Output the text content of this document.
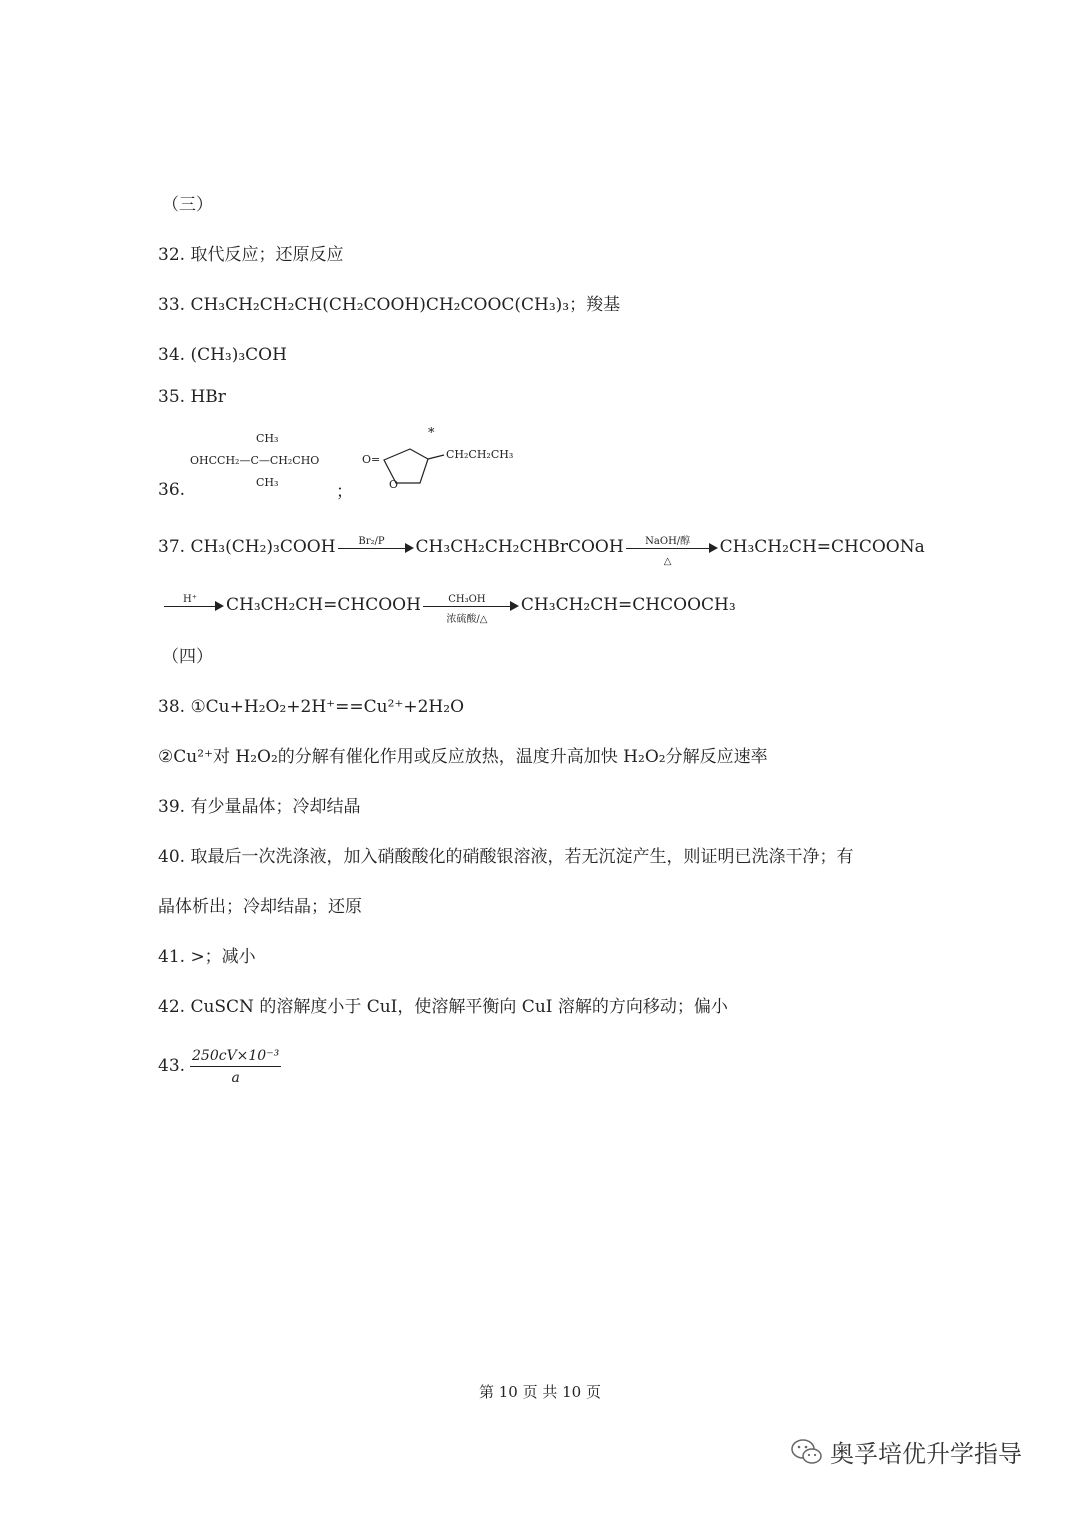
（三）
32. 取代反应；还原反应
33. CH₃CH₂CH₂CH(CH₂COOH)CH₂COOC(CH₃)₃；羧基
34. (CH₃)₃COH
35. HBr
36.
CH₃
OHCCH₂—C—CH₂CHO
CH₃	；
O=
O
*
CH₂CH₂CH₃
37. CH₃(CH₂)₃COOH	Br₂/P	CH₃CH₂CH₂CHBrCOOH	NaOH/醇
△
CH₃CH₂CH=CHCOONa
H⁺	CH₃CH₂CH=CHCOOH	CH₃OH
浓硫酸/△
CH₃CH₂CH=CHCOOCH₃
（四）
38. ①Cu+H₂O₂+2H⁺==Cu²⁺+2H₂O
②Cu²⁺对 H₂O₂的分解有催化作用或反应放热，温度升高加快 H₂O₂分解反应速率
39. 有少量晶体；冷却结晶
40. 取最后一次洗涤液，加入硝酸酸化的硝酸银溶液，若无沉淀产生，则证明已洗涤干净；有
晶体析出；冷却结晶；还原
41. >；减小
42. CuSCN 的溶解度小于 CuI，使溶解平衡向 CuI 溶解的方向移动；偏小
43. $\frac{\text{250cV×10⁻³}}{a}$
第 10 页 共 10 页
奥孚培优升学指导
